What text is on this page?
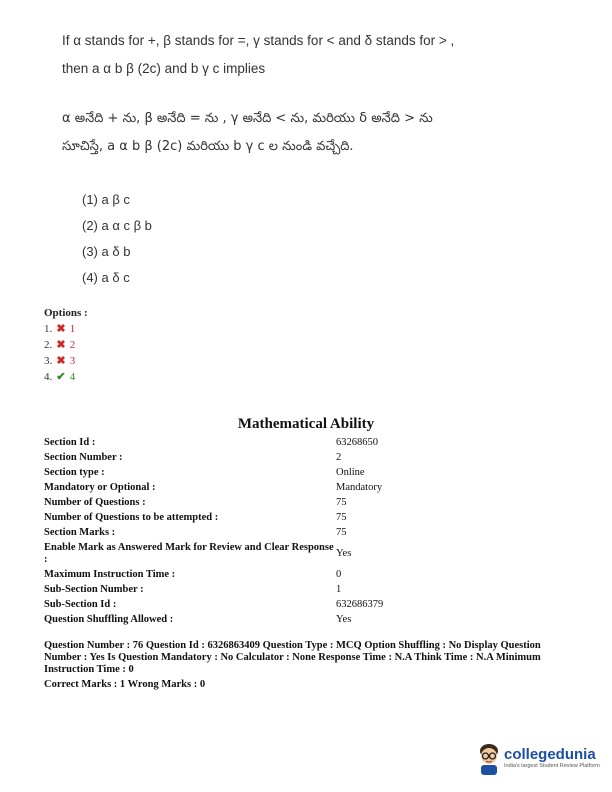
If α stands for +, β stands for =, γ stands for < and δ stands for > ,
then a α b β (2c) and b γ c implies
α అనేది + ను, β అనేది = ను , γ అనేది < ను, మరియు δ అనేది > ను
సూచిస్తే, a α b β (2c) మరియు b γ c ల నుండి వచ్చేది.
(1) a β c
(2) a α c β b
(3) a δ b
(4) a δ c
Options :
1. ✖ 1
2. ✖ 2
3. ✖ 3
4. ✔ 4
Mathematical Ability
Section Id :	63268650
Section Number :	2
Section type :	Online
Mandatory or Optional :	Mandatory
Number of Questions :	75
Number of Questions to be attempted :	75
Section Marks :	75
Enable Mark as Answered Mark for Review and Clear Response :	Yes
Maximum Instruction Time :	0
Sub-Section Number :	1
Sub-Section Id :	632686379
Question Shuffling Allowed :	Yes
Question Number : 76 Question Id : 6326863409 Question Type : MCQ Option Shuffling : No Display Question Number : Yes Is Question Mandatory : No Calculator : None Response Time : N.A Think Time : N.A Minimum Instruction Time : 0
Correct Marks : 1 Wrong Marks : 0
collegedunia
India's largest Student Review Platform
